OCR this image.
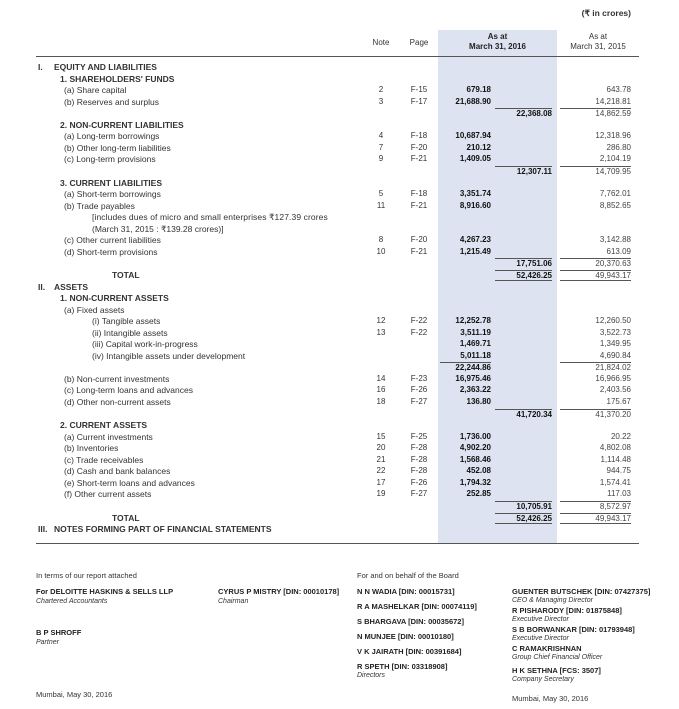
(₹ in crores)
Note	Page
As at
March 31, 2016
As at
March 31, 2015
I. EQUITY AND LIABILITIES
1. SHAREHOLDERS' FUNDS
(a) Share capital	2	F-15	679.18	643.78
(b) Reserves and surplus	3	F-17	21,688.90	14,218.81
22,368.08	14,862.59
2. NON-CURRENT LIABILITIES
(a) Long-term borrowings	4	F-18	10,687.94	12,318.96
(b) Other long-term liabilities	7	F-20	210.12	286.80
(c) Long-term provisions	9	F-21	1,409.05	2,104.19
12,307.11	14,709.95
3. CURRENT LIABILITIES
(a) Short-term borrowings	5	F-18	3,351.74	7,762.01
(b) Trade payables	11	F-21	8,916.60	8,852.65
[includes dues of micro and small enterprises ₹127.39 crores
(March 31, 2015 : ₹139.28 crores)]
(c) Other current liabilities	8	F-20	4,267.23	3,142.88
(d) Short-term provisions	10	F-21	1,215.49	613.09
17,751.06	20,370.63
TOTAL	52,426.25	49,943.17
II. ASSETS
1. NON-CURRENT ASSETS
(a) Fixed assets
(i) Tangible assets	12	F-22	12,252.78	12,260.50
(ii) Intangible assets	13	F-22	3,511.19	3,522.73
(iii) Capital work-in-progress	1,469.71	1,349.95
(iv) Intangible assets under development	5,011.18	4,690.84
22,244.86	21,824.02
(b) Non-current investments	14	F-23	16,975.46	16,966.95
(c) Long-term loans and advances	16	F-26	2,363.22	2,403.56
(d) Other non-current assets	18	F-27	136.80	175.67
41,720.34	41,370.20
2. CURRENT ASSETS
(a) Current investments	15	F-25	1,736.00	20.22
(b) Inventories	20	F-28	4,902.20	4,802.08
(c) Trade receivables	21	F-28	1,568.46	1,114.48
(d) Cash and bank balances	22	F-28	452.08	944.75
(e) Short-term loans and advances	17	F-26	1,794.32	1,574.41
(f) Other current assets	19	F-27	252.85	117.03
10,705.91	8,572.97
TOTAL	52,426.25	49,943.17
III. NOTES FORMING PART OF FINANCIAL STATEMENTS
In terms of our report attached	For and on behalf of the Board
For DELOITTE HASKINS & SELLS LLP
Chartered Accountants
B P SHROFF
Partner
CYRUS P MISTRY [DIN: 00010178]
Chairman
N N WADIA [DIN: 00015731]
R A MASHELKAR [DIN: 00074119]
S BHARGAVA [DIN: 00035672]
N MUNJEE [DIN: 00010180]
V K JAIRATH [DIN: 00391684]
R SPETH [DIN: 03318908]
Directors
GUENTER BUTSCHEK [DIN: 07427375]
CEO & Managing Director
R PISHARODY [DIN: 01875848]
Executive Director
S B BORWANKAR [DIN: 01793948]
Executive Director
C RAMAKRISHNAN
Group Chief Financial Officer
H K SETHNA [FCS: 3507]
Company Secretary
Mumbai, May 30, 2016	Mumbai, May 30, 2016
